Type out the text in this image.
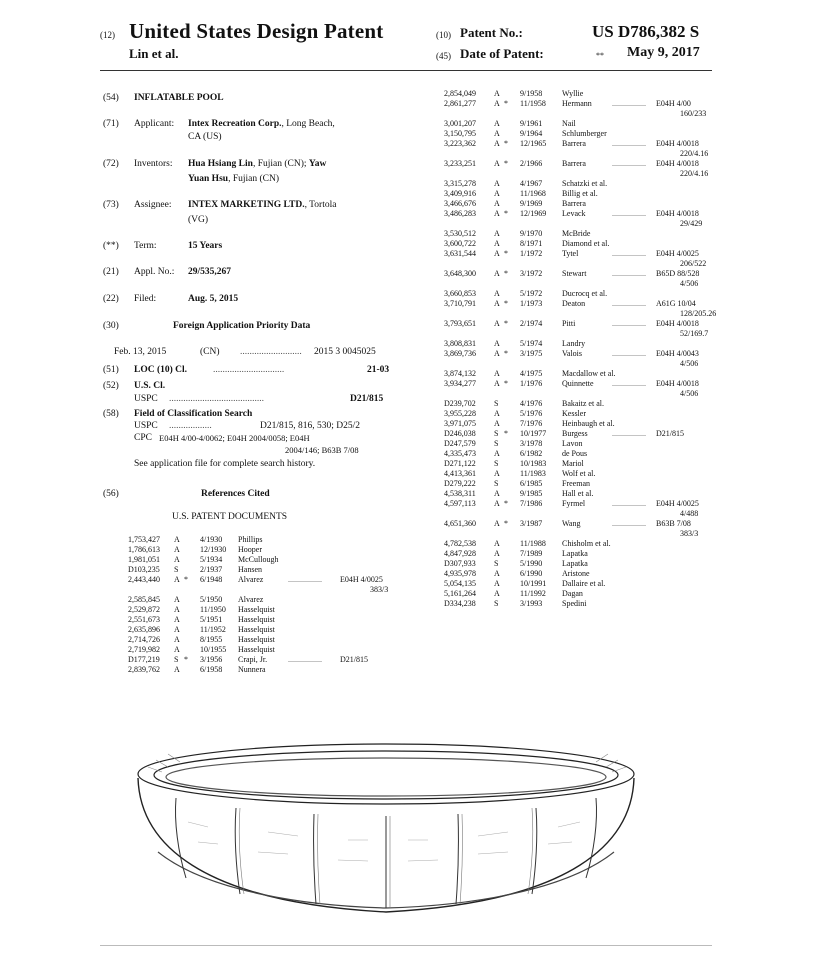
(12) United States Design Patent
Lin et al.
(10) Patent No.:	US D786,382 S
(45) Date of Patent:	** May 9, 2017
(54) INFLATABLE POOL
(71) Applicant: Intex Recreation Corp., Long Beach,
CA (US)
(72) Inventors: Hua Hsiang Lin, Fujian (CN); Yaw
Yuan Hsu, Fujian (CN)
(73) Assignee: INTEX MARKETING LTD., Tortola
(VG)
(**) Term:	15 Years
(21) Appl. No.: 29/535,267
(22) Filed:	Aug. 5, 2015
(30)	Foreign Application Priority Data
Feb. 13, 2015	(CN) .......................... 2015 3 0045025
(51) LOC (10) Cl.	..............................	21-03
(52) U.S. Cl.
USPC ........................................	D21/815
(58) Field of Classification Search
USPC ..................	D21/815, 816, 530; D25/2
CPC E04H 4/00-4/0062; E04H 2004/0058; E04H
2004/146; B63B 7/08
See application file for complete search history.
(56)	References Cited
U.S. PATENT DOCUMENTS
1,753,427 A	4/1930 Phillips
1,786,613 A	12/1930 Hooper
1,981,051 A	5/1934 McCullough
D103,235 S	2/1937 Hansen
2,443,440 A * 6/1948 Alvarez	................. E04H 4/0025
383/3
2,585,845 A	5/1950 Alvarez
2,529,872 A	11/1950 Hasselquist
2,551,673 A	5/1951 Hasselquist
2,635,896 A	11/1952 Hasselquist
2,714,726 A	8/1955 Hasselquist
2,719,982 A	10/1955 Hasselquist
D177,219 S * 3/1956 Crapi, Jr.	................. D21/815
2,839,762 A	6/1958 Nunnera
2,854,049 A	9/1958 Wyllie
2,861,277 A * 11/1958 Hermann	................. E04H 4/00
160/233
3,001,207 A	9/1961 Nail
3,150,795 A	9/1964 Schlumberger
3,223,362 A * 12/1965 Barrera	................. E04H 4/0018
220/4.16
3,233,251 A * 2/1966 Barrera	................. E04H 4/0018
220/4.16
3,315,278 A	4/1967 Schatzki et al.
3,409,916 A	11/1968 Billig et al.
3,466,676 A	9/1969 Barrera
3,486,283 A * 12/1969 Levack	................. E04H 4/0018
29/429
3,530,512 A	9/1970 McBride
3,600,722 A	8/1971 Diamond et al.
3,631,544 A * 1/1972 Tytel	................. E04H 4/0025
206/522
3,648,300 A * 3/1972 Stewart	................. B65D 88/528
4/506
3,660,853 A	5/1972 Ducrocq et al.
3,710,791 A * 1/1973 Deaton	................. A61G 10/04
128/205.26
3,793,651 A * 2/1974 Pitti	................. E04H 4/0018
52/169.7
3,808,831 A	5/1974 Landry
3,869,736 A * 3/1975 Valois	................. E04H 4/0043
4/506
3,874,132 A	4/1975 Macdallow et al.
3,934,277 A * 1/1976 Quinnette ................. E04H 4/0018
4/506
D239,702 S	4/1976 Bakaitz et al.
3,955,228 A	5/1976 Kessler
3,971,075 A	7/1976 Heinbaugh et al.
D246,038 S * 10/1977 Burgess	................. D21/815
D247,579 S	3/1978 Lavon
4,335,473 A	6/1982 de Pous
D271,122 S	10/1983 Mariol
4,413,361 A	11/1983 Wolf et al.
D279,222 S	6/1985 Freeman
4,538,311 A	9/1985 Hall et al.
4,597,113 A * 7/1986 Fyrmel	................. E04H 4/0025
4/488
4,651,360 A * 3/1987 Wang	................. B63B 7/08
383/3
4,782,538 A	11/1988 Chisholm et al.
4,847,928 A	7/1989 Lapatka
D307,933 S	5/1990 Lapatka
4,935,978 A	6/1990 Aristone
5,054,135 A	10/1991 Dallaire et al.
5,161,264 A	11/1992 Dagan
D334,238 S	3/1993 Spedini
